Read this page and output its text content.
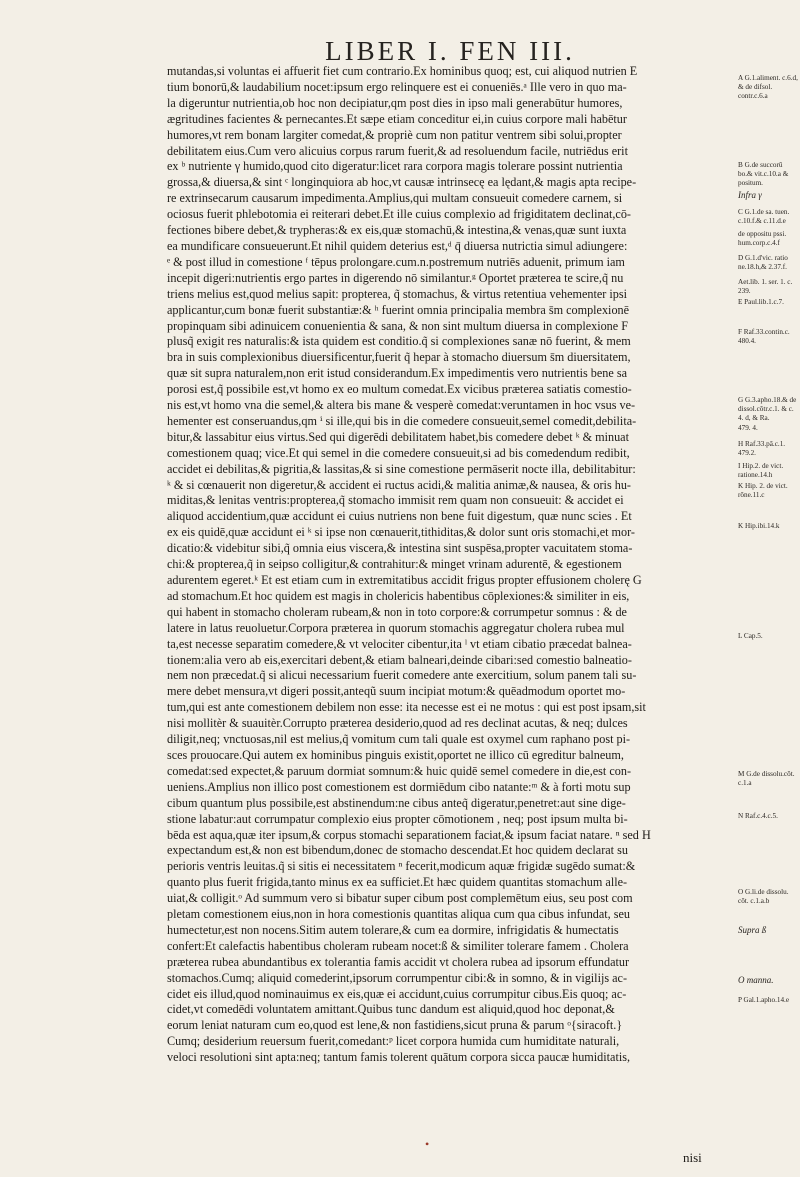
LIBER I. FEN III.

mutandas,si voluntas ei affuerit fiet cum contrario.Ex hominibus quoq; est, cui aliquod nutrien E

tium bonorū,& laudabilium nocet:ipsum ergo relinquere est ei conueniēs.ᵃ Ille vero in quo ma-

la digeruntur nutrientia,ob hoc non decipiatur,qm post dies in ipso mali generabūtur humores,

ægritudines facientes & pernecantes.Et sæpe etiam conceditur ei,in cuius corpore mali habētur

humores,vt rem bonam largiter comedat,& propriè cum non patitur ventrem sibi solui,propter

debilitatem eius.Cum vero alicuius corpus rarum fuerit,& ad resoluendum facile, nutriēdus erit

ex ᵇ nutriente γ humido,quod cito digeratur:licet rara corpora magis tolerare possint nutrientia

grossa,& diuersa,& sint ᶜ longinquiora ab hoc,vt causæ intrinsecę ea lędant,& magis apta recipe-

re extrinsecarum causarum impedimenta.Amplius,qui multam consueuit comedere carnem, si

ociosus fuerit phlebotomia ei reiterari debet.Et ille cuius complexio ad frigiditatem declinat,cō-

fectiones bibere debet,& trypheras:& ex eis,quæ stomachū,& intestina,& venas,quæ sunt iuxta

ea mundificare consueuerunt.Et nihil quidem deterius est,ᵈ q̄ diuersa nutrictia simul adiungere:

ᵉ & post illud in comestione ᶠ tēpus prolongare.cum.n.postremum nutriēs aduenit, primum iam

incepit digeri:nutrientis ergo partes in digerendo nō similantur.ᵍ Oportet præterea te scire,q̃ nu

triens melius est,quod melius sapit: propterea, q̃ stomachus, & virtus retentiua vehementer ipsi

applicantur,cum bonæ fuerit substantiæ:& ʰ fuerint omnia principalia membra s̄m complexionē

propinquam sibi adinuicem conuenientia & sana, & non sint multum diuersa in complexione F

plusq̃ exigit res naturalis:& ista quidem est conditio.q̃ si complexiones sanæ nō fuerint, & mem

bra in suis complexionibus diuersificentur,fuerit q̃ hepar à stomacho diuersum s̄m diuersitatem,

quæ sit supra naturalem,non erit istud considerandum.Ex impedimentis vero nutrientis bene sa

porosi est,q̃ possibile est,vt homo ex eo multum comedat.Ex vicibus præterea satiatis comestio-

nis est,vt homo vna die semel,& altera bis mane & vesperè comedat:veruntamen in hoc vsus ve-

hementer est conseruandus,qm ⁱ si ille,qui bis in die comedere consueuit,semel comedit,debilita-

bitur,& lassabitur eius virtus.Sed qui digerēdi debilitatem habet,bis comedere debet ᵏ & minuat

comestionem quaq; vice.Et qui semel in die comedere consueuit,si ad bis comedendum redibit,

accidet ei debilitas,& pigritia,& lassitas,& si sine comestione permāserit nocte illa, debilitabitur:

ᵏ & si cœnauerit non digeretur,& accident ei ructus acidi,& malitia animæ,& nausea, & oris hu-

miditas,& lenitas ventris:propterea,q̃ stomacho immisit rem quam non consueuit: & accidet ei

aliquod accidentium,quæ accidunt ei cuius nutriens non bene fuit digestum, quæ nunc scies . Et

ex eis quidē,quæ accidunt ei ᵏ si ipse non cœnauerit,tithiditas,& dolor sunt oris stomachi,et mor-

dicatio:& videbitur sibi,q̃ omnia eius viscera,& intestina sint suspēsa,propter vacuitatem stoma-

chi:& propterea,q̃ in seipso colligitur,& contrahitur:& minget vrinam adurentē, & egestionem

adurentem egeret.ᵏ Et est etiam cum in extremitatibus accidit frigus propter effusionem cholerę G

ad stomachum.Et hoc quidem est magis in cholericis habentibus cōplexiones:& similiter in eis,

qui habent in stomacho choleram rubeam,& non in toto corpore:& corrumpetur somnus : & de

latere in latus reuoluetur.Corpora præterea in quorum stomachis aggregatur cholera rubea mul

ta,est necesse separatim comedere,& vt velociter cibentur,ita ˡ vt etiam cibatio præcedat balnea-

tionem:alia vero ab eis,exercitari debent,& etiam balneari,deinde cibari:sed comestio balneatio-

nem non præcedat.q̃ si alicui necessarium fuerit comedere ante exercitium, solum panem tali su-

mere debet mensura,vt digeri possit,anteqũ suum incipiat motum:& quēadmodum oportet mo-

tum,qui est ante comestionem debilem non esse: ita necesse est ei ne motus : qui est post ipsam,sit

nisi mollitèr & suauitèr.Corrupto præterea desiderio,quod ad res declinat acutas, & neq; dulces

diligit,neq; vnctuosas,nil est melius,q̃ vomitum cum tali quale est oxymel cum raphano post pi-

sces prouocare.Qui autem ex hominibus pinguis existit,oportet ne illico cū egreditur balneum,

comedat:sed expectet,& paruum dormiat somnum:& huic quidē semel comedere in die,est con-

ueniens.Amplius non illico post comestionem est dormiēdum cibo natante:ᵐ & à forti motu sup

cibum quantum plus possibile,est abstinendum:ne cibus anteq̃ digeratur,penetret:aut sine dige-

stione labatur:aut corrumpatur complexio eius propter cōmotionem , neq; post ipsum multa bi-

bēda est aqua,quæ iter ipsum,& corpus stomachi separationem faciat,& ipsum faciat natare. ⁿ sed H

expectandum est,& non est bibendum,donec de stomacho descendat.Et hoc quidem declarat su

perioris ventris leuitas.q̃ si sitis ei necessitatem ⁿ fecerit,modicum aquæ frigidæ sugēdo sumat:&

quanto plus fuerit frigida,tanto minus ex ea sufficiet.Et hæc quidem quantitas stomachum alle-

uiat,& colligit.ᵒ Ad summum vero si bibatur super cibum post complemētum eius, seu post com

pletam comestionem eius,non in hora comestionis quantitas aliqua cum qua cibus infundat, seu

humectetur,est non nocens.Sitim autem tolerare,& cum ea dormire, infrigidatis & humectatis

confert:Et calefactis habentibus choleram rubeam nocet:ß & similiter tolerare famem . Cholera

præterea rubea abundantibus ex tolerantia famis accidit vt cholera rubea ad ipsorum effundatur

stomachos.Cumq; aliquid comederint,ipsorum corrumpentur cibi:& in somno, & in vigilijs ac-

cidet eis illud,quod nominauimus ex eis,quæ ei accidunt,cuius corrumpitur cibus.Eis quoq; ac-

cidet,vt comedēdi voluntatem amittant.Quibus tunc dandum est aliquid,quod hoc deponat,&

eorum leniat naturam cum eo,quod est lene,& non fastidiens,sicut pruna & parum ᵒ{siracoft.}

Cumq; desiderium reuersum fuerit,comedant:ᵖ licet corpora humida cum humiditate naturali,

veloci resolutioni sint apta:neq; tantum famis tolerent quātum corpora sicca paucæ humiditatis,

A G.1.aliment. c.6.d, & de difsol. contr.c.6.a
B G.de succorū bo.& vit.c.10.a & positum.
Infra γ
C G.1.de sa. tuen. c.10.f.& c.11.d.e
de oppositu pssi. hum.corp.c.4.f
D G.1.d'vic. ratio ne.18.h,& 2.37.f.
Aet.lib. 1. ser. 1. c. 239.
E Paul.lib.1.c.7.
F Raf.33.contin.c. 480.4.
G G.3.apho.18.& de dissol.cōtr.c.1. & c. 4. d, & Ra.
479. 4.
H Raf.33.pā.c.1. 479.2.
I Hip.2. de vict. ratione.14.h
K Hip. 2. de vict. rōne.11.c
K Hip.ibi.14.k
L Cap.5.
M G.de dissolu.cōt. c.1.a
N Raf.c.4.c.5.
O G.li.de dissolu. cōt. c.1.a.b
Supra ß
O manna.
P Gal.1.apho.14.e
•
nisi
